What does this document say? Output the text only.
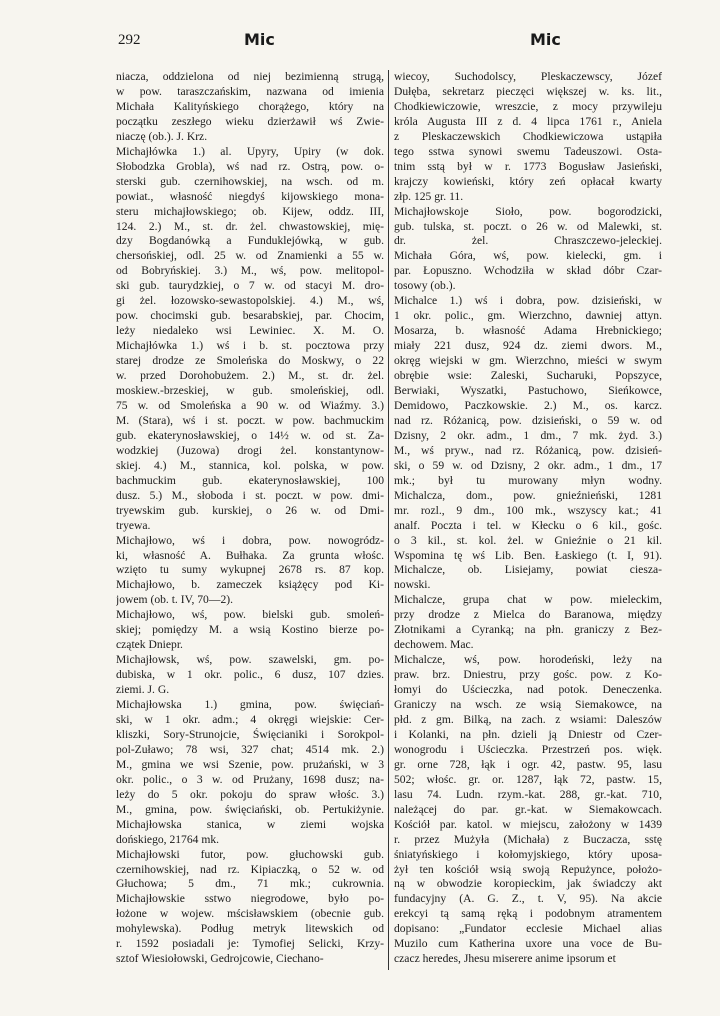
292	Mic	Mic
niacza, oddzielona od niej bezimienną strugą,
w pow. taraszczańskim, nazwana od imienia
Michała Kalityńskiego chorążego, który na
początku zeszłego wieku dzierżawił wś Zwie-
niaczę (ob.). J. Krz.
Michajłówka 1.) al. Upyry, Upiry (w dok.
Słobodzka Grobla), wś nad rz. Ostrą, pow. o-
sterski gub. czernihowskiej, na wsch. od m.
powiat., własność niegdyś kijowskiego mona-
steru michajłowskiego; ob. Kijew, oddz. III,
124. 2.) M., st. dr. żel. chwastowskiej, mię-
dzy Bogdanówką a Funduklejówką, w gub.
chersońskiej, odl. 25 w. od Znamienki a 55 w.
od Bobryńskiej. 3.) M., wś, pow. melitopol-
ski gub. taurydzkiej, o 7 w. od stacyi M. dro-
gi żel. łozowsko-sewastopolskiej. 4.) M., wś,
pow. chocimski gub. besarabskiej, par. Chocim,
leży niedaleko wsi Lewiniec. X. M. O.
Michajłówka 1.) wś i b. st. pocztowa przy
starej drodze ze Smoleńska do Moskwy, o 22
w. przed Dorohobużem. 2.) M., st. dr. żel.
moskiew.-brzeskiej, w gub. smoleńskiej, odl.
75 w. od Smoleńska a 90 w. od Wiaźmy. 3.)
M. (Stara), wś i st. poczt. w pow. bachmuckim
gub. ekaterynosławskiej, o 14½ w. od st. Za-
wodzkiej (Juzowa) drogi żel. konstantynow-
skiej. 4.) M., stannica, kol. polska, w pow.
bachmuckim gub. ekaterynosławskiej, 100
dusz. 5.) M., słoboda i st. poczt. w pow. dmi-
tryewskim gub. kurskiej, o 26 w. od Dmi-
tryewa.
Michajłowo, wś i dobra, pow. nowogródz-
ki, własność A. Bułhaka. Za grunta włośc.
wzięto tu sumy wykupnej 2678 rs. 87 kop.
Michajłowo, b. zameczek książęcy pod Ki-
jowem (ob. t. IV, 70—2).
Michajłowo, wś, pow. bielski gub. smoleń-
skiej; pomiędzy M. a wsią Kostino bierze po-
czątek Dniepr.
Michajłowsk, wś, pow. szawelski, gm. po-
dubiska, w 1 okr. polic., 6 dusz, 107 dzies.
ziemi. J. G.
Michajłowska 1.) gmina, pow. święciań-
ski, w 1 okr. adm.; 4 okręgi wiejskie: Cer-
kliszki, Sory-Strunojcie, Święcianiki i Sorokpol-
pol-Zuławo; 78 wsi, 327 chat; 4514 mk. 2.)
M., gmina we wsi Szenie, pow. prużański, w 3
okr. polic., o 3 w. od Prużany, 1698 dusz; na-
leży do 5 okr. pokoju do spraw włośc. 3.)
M., gmina, pow. święciański, ob. Pertukiżynie.
Michajłowska stanica, w ziemi wojska
dońskiego, 21764 mk.
Michajłowski futor, pow. głuchowski gub.
czernihowskiej, nad rz. Kipiaczką, o 52 w. od
Głuchowa; 5 dm., 71 mk.; cukrownia.
Michajłowskie sstwo niegrodowe, było po-
łożone w wojew. mścisławskiem (obecnie gub.
mohylewska). Podług metryk litewskich od
r. 1592 posiadali je: Tymofiej Selicki, Krzy-
sztof Wiesiołowski, Gedrojcowie, Ciechano-
wiecoy, Suchodolscy, Pleskaczewscy, Józef
Dułęba, sekretarz pieczęci większej w. ks. lit.,
Chodkiewiczowie, wreszcie, z mocy przywileju
króla Augusta III z d. 4 lipca 1761 r., Aniela
z Pleskaczewskich Chodkiewiczowa ustąpiła
tego sstwa synowi swemu Tadeuszowi. Osta-
tnim sstą był w r. 1773 Bogusław Jasieński,
krajczy kowieński, który zeń opłacał kwarty
złp. 125 gr. 11.
Michajłowskoje Sioło, pow. bogorodzicki,
gub. tulska, st. poczt. o 26 w. od Malewki, st.
dr. żel. Chraszczewo-jeleckiej.
Michała Góra, wś, pow. kielecki, gm. i
par. Łopuszno. Wchodziła w skład dóbr Czar-
tosowy (ob.).
Michalce 1.) wś i dobra, pow. dzisieński, w
1 okr. polic., gm. Wierzchno, dawniej attyn.
Mosarza, b. własność Adama Hrebnickiego;
miały 221 dusz, 924 dz. ziemi dwors. M.,
okręg wiejski w gm. Wierzchno, mieści w swym
obrębie wsie: Zaleski, Sucharuki, Popszyce,
Berwiaki, Wyszatki, Pastuchowo, Sieńkowce,
Demidowo, Paczkowskie. 2.) M., os. karcz.
nad rz. Różanicą, pow. dzisieński, o 59 w. od
Dzisny, 2 okr. adm., 1 dm., 7 mk. żyd. 3.)
M., wś pryw., nad rz. Różanicą, pow. dzisień-
ski, o 59 w. od Dzisny, 2 okr. adm., 1 dm., 17
mk.; był tu murowany młyn wodny.
Michalcza, dom., pow. gnieźnieński, 1281
mr. rozl., 9 dm., 100 mk., wszyscy kat.; 41
analf. Poczta i tel. w Kłecku o 6 kil., gośc.
o 3 kil., st. kol. żel. w Gnieźnie o 21 kil.
Wspomina tę wś Lib. Ben. Łaskiego (t. I, 91).
Michalcze, ob. Lisiejamy, powiat cieszа-
nowski.
Michalcze, grupa chat w pow. mieleckim,
przy drodze z Mielca do Baranowa, między
Złotnikami a Cyranką; na płn. graniczy z Bez-
dechowem. Mac.
Michalcze, wś, pow. horodeński, leży na
praw. brz. Dniestru, przy gośc. pow. z Ko-
łomyi do Uścieczka, nad potok. Deneczenka.
Graniczy na wsch. ze wsią Siemakowce, na
płd. z gm. Bilką, na zach. z wsiami: Daleszów
i Kolanki, na płn. dzieli ją Dniestr od Czer-
wonogrodu i Uścieczka. Przestrzeń pos. więk.
gr. orne 728, łąk i ogr. 42, pastw. 95, lasu
502; włośc. gr. or. 1287, łąk 72, pastw. 15,
lasu 74. Ludn. rzym.-kat. 288, gr.-kat. 710,
należącej do par. gr.-kat. w Siemakowcach.
Kościół par. katol. w miejscu, założony w 1439
r. przez Mużyła (Michała) z Buczacza, sstę
śniatyńskiego i kołomyjskiego, który uposa-
żył ten kościół wsią swoją Repużynce, położo-
ną w obwodzie koropieckim, jak świadczy akt
fundacyjny (A. G. Z., t. V, 95). Na akcie
erekcyi tą samą ręką i podobnym atramentem
dopisano: „Fundator ecclesie Michael alias
Muzilo cum Katherina uxore una voce de Bu-
czacz heredes, Jhesu miserere anime ipsorum et
